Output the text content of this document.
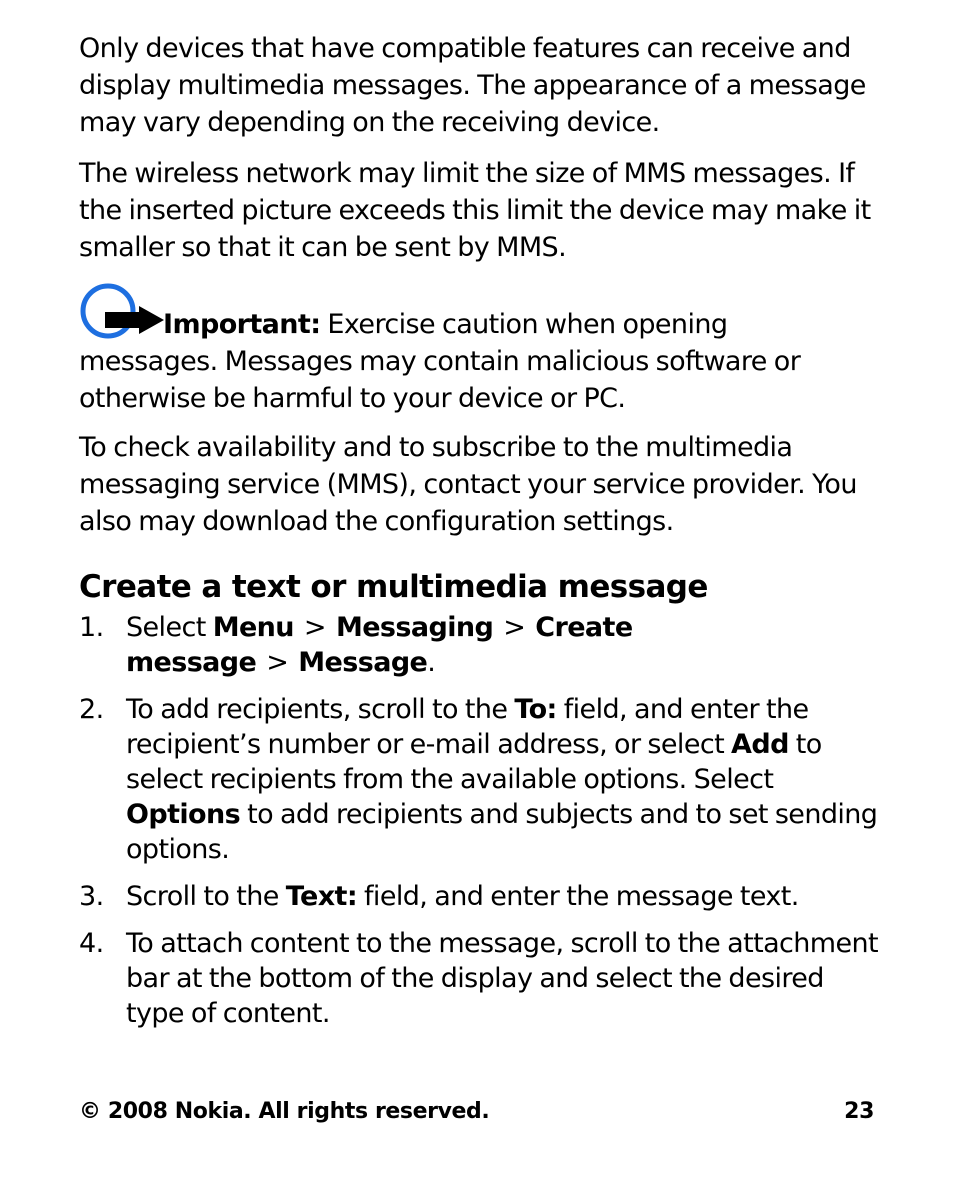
Only devices that have compatible features can receive and display multimedia messages. The appearance of a message may vary depending on the receiving device.

The wireless network may limit the size of MMS messages. If the inserted picture exceeds this limit the device may make it smaller so that it can be sent by MMS.

Important: Exercise caution when opening

messages. Messages may contain malicious software or otherwise be harmful to your device or PC.

To check availability and to subscribe to the multimedia messaging service (MMS), contact your service provider. You also may download the configuration settings.

Create a text or multimedia message
1. Select Menu > Messaging > Create message > Message.
2. To add recipients, scroll to the To: field, and enter the recipient’s number or e-mail address, or select Add to select recipients from the available options. Select Options to add recipients and subjects and to set sending options.
3. Scroll to the Text: field, and enter the message text.
4. To attach content to the message, scroll to the attachment bar at the bottom of the display and select the desired type of content.
© 2008 Nokia. All rights reserved.	23
